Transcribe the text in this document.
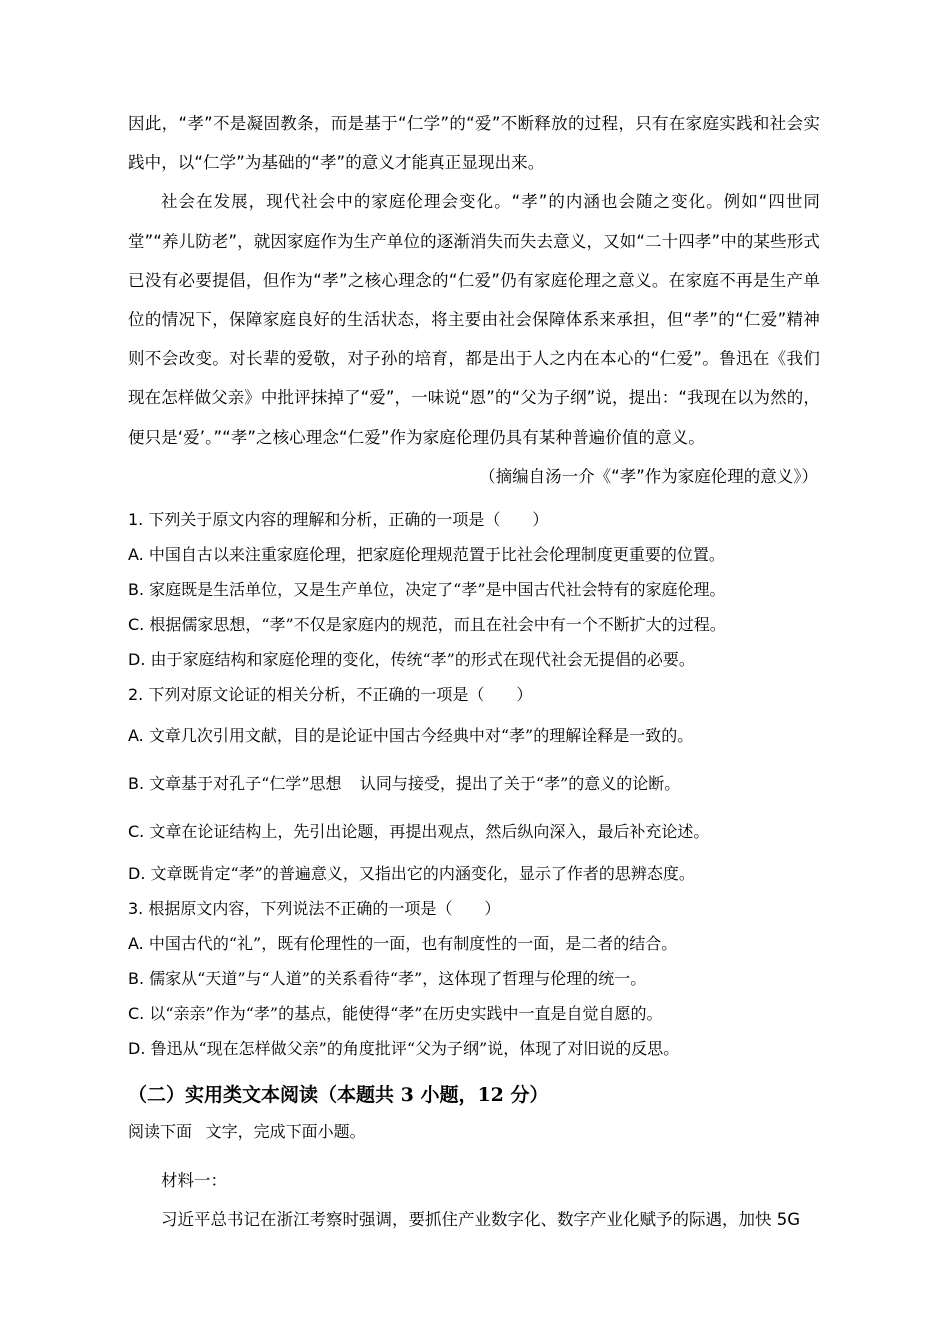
因此，“孝”不是凝固教条，而是基于“仁学”的“爱”不断释放的过程，只有在家庭实践和社会实践中，以“仁学”为基础的“孝”的意义才能真正显现出来。

社会在发展，现代社会中的家庭伦理会变化。“孝”的内涵也会随之变化。例如“四世同堂”“养儿防老”，就因家庭作为生产单位的逐渐消失而失去意义，又如“二十四孝”中的某些形式已没有必要提倡，但作为“孝”之核心理念的“仁爱”仍有家庭伦理之意义。在家庭不再是生产单位的情况下，保障家庭良好的生活状态，将主要由社会保障体系来承担，但“孝”的“仁爱”精神则不会改变。对长辈的爱敬，对子孙的培育，都是出于人之内在本心的“仁爱”。鲁迅在《我们现在怎样做父亲》中批评抹掉了“爱”，一味说“恩”的“父为子纲”说，提出：“我现在以为然的，便只是‘爱’。”“孝”之核心理念“仁爱”作为家庭伦理仍具有某种普遍价值的意义。

（摘编自汤一介《“孝”作为家庭伦理的意义》）

1. 下列关于原文内容的理解和分析，正确的一项是（　　）

A. 中国自古以来注重家庭伦理，把家庭伦理规范置于比社会伦理制度更重要的位置。

B. 家庭既是生活单位，又是生产单位，决定了“孝”是中国古代社会特有的家庭伦理。

C. 根据儒家思想，“孝”不仅是家庭内的规范，而且在社会中有一个不断扩大的过程。

D. 由于家庭结构和家庭伦理的变化，传统“孝”的形式在现代社会无提倡的必要。

2. 下列对原文论证的相关分析，不正确的一项是（　　）

A. 文章几次引用文献，目的是论证中国古今经典中对“孝”的理解诠释是一致的。

B. 文章基于对孔子“仁学”思想 认同与接受，提出了关于“孝”的意义的论断。

C. 文章在论证结构上，先引出论题，再提出观点，然后纵向深入，最后补充论述。

D. 文章既肯定“孝”的普遍意义，又指出它的内涵变化，显示了作者的思辨态度。

3. 根据原文内容，下列说法不正确的一项是（　　）

A. 中国古代的“礼”，既有伦理性的一面，也有制度性的一面，是二者的结合。

B. 儒家从“天道”与“人道”的关系看待“孝”，这体现了哲理与伦理的统一。

C. 以“亲亲”作为“孝”的基点，能使得“孝”在历史实践中一直是自觉自愿的。

D. 鲁迅从“现在怎样做父亲”的角度批评“父为子纲”说，体现了对旧说的反思。

（二）实用类文本阅读（本题共 3 小题，12 分）

阅读下面 文字，完成下面小题。

材料一：

习近平总书记在浙江考察时强调，要抓住产业数字化、数字产业化赋予的际遇，加快 5G
